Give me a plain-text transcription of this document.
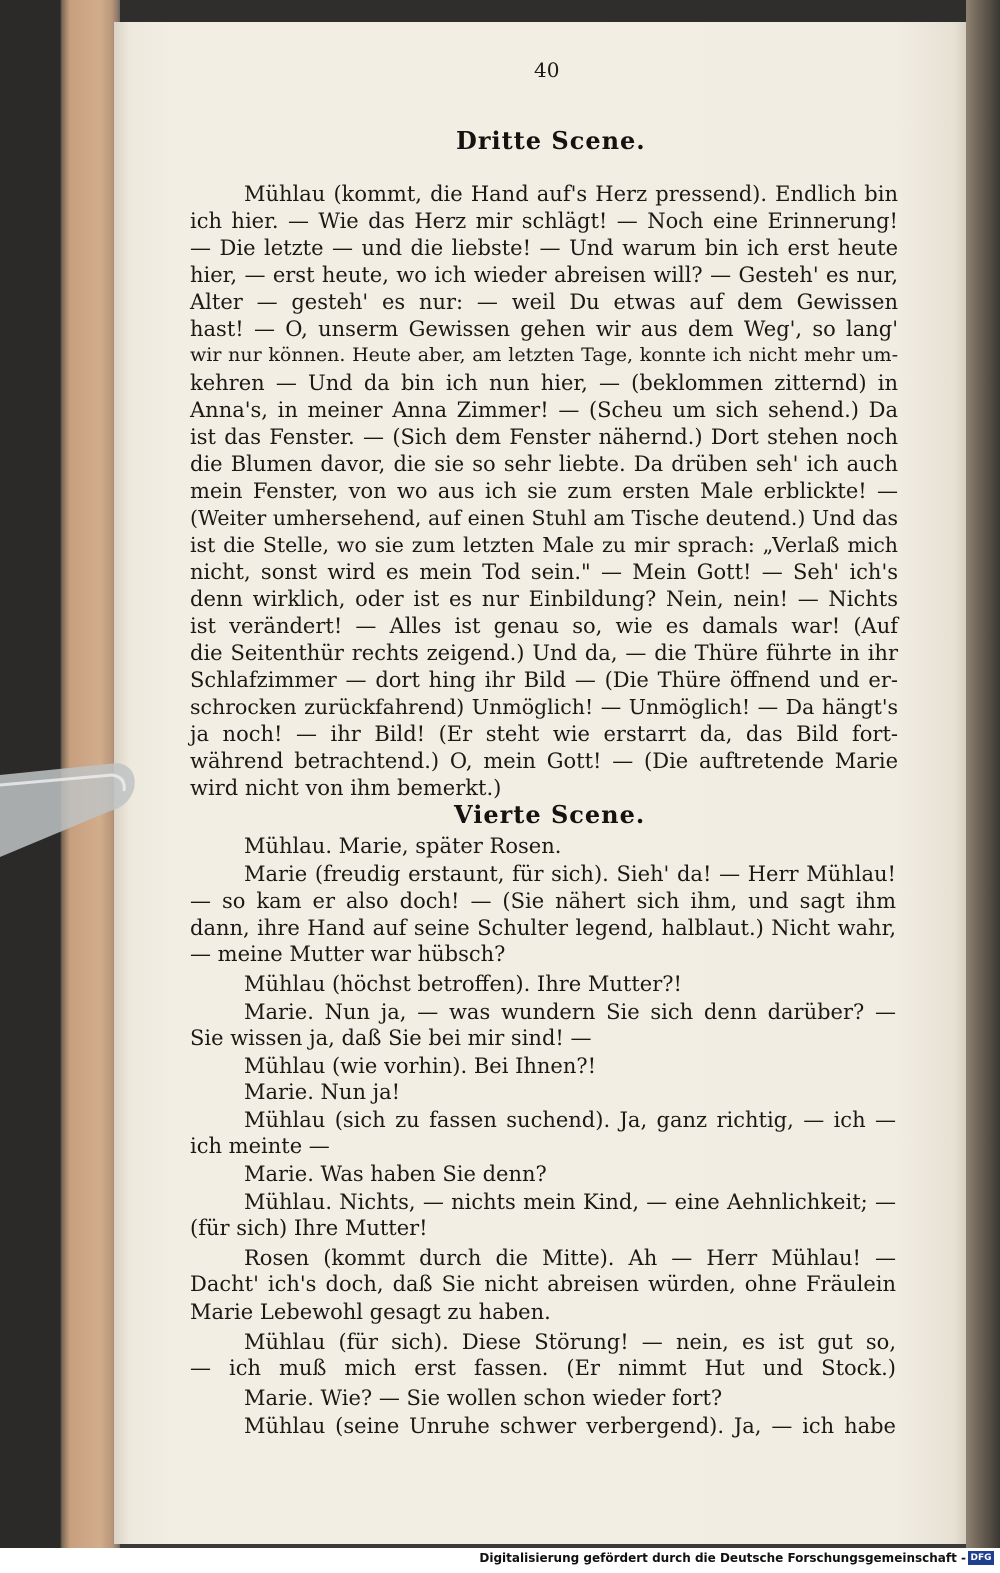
40
Dritte Scene.
Mühlau (kommt, die Hand auf's Herz pressend). Endlich bin
ich hier. — Wie das Herz mir schlägt! — Noch eine Erinnerung!
— Die letzte — und die liebste! — Und warum bin ich erst heute
hier, — erst heute, wo ich wieder abreisen will? — Gesteh' es nur,
Alter — gesteh' es nur: — weil Du etwas auf dem Gewissen
hast! — O, unserm Gewissen gehen wir aus dem Weg', so lang'
wir nur können. Heute aber, am letzten Tage, konnte ich nicht mehr um-
kehren — Und da bin ich nun hier, — (beklommen zitternd) in
Anna's, in meiner Anna Zimmer! — (Scheu um sich sehend.) Da
ist das Fenster. — (Sich dem Fenster nähernd.) Dort stehen noch
die Blumen davor, die sie so sehr liebte. Da drüben seh' ich auch
mein Fenster, von wo aus ich sie zum ersten Male erblickte! —
(Weiter umhersehend, auf einen Stuhl am Tische deutend.) Und das
ist die Stelle, wo sie zum letzten Male zu mir sprach: „Verlaß mich
nicht, sonst wird es mein Tod sein." — Mein Gott! — Seh' ich's
denn wirklich, oder ist es nur Einbildung? Nein, nein! — Nichts
ist verändert! — Alles ist genau so, wie es damals war! (Auf
die Seitenthür rechts zeigend.) Und da, — die Thüre führte in ihr
Schlafzimmer — dort hing ihr Bild — (Die Thüre öffnend und er-
schrocken zurückfahrend) Unmöglich! — Unmöglich! — Da hängt's
ja noch! — ihr Bild! (Er steht wie erstarrt da, das Bild fort-
während betrachtend.) O, mein Gott! — (Die auftretende Marie
wird nicht von ihm bemerkt.)
Vierte Scene.
Mühlau. Marie, später Rosen.
Marie (freudig erstaunt, für sich). Sieh' da! — Herr Mühlau!
— so kam er also doch! — (Sie nähert sich ihm, und sagt ihm
dann, ihre Hand auf seine Schulter legend, halblaut.) Nicht wahr,
— meine Mutter war hübsch?
Mühlau (höchst betroffen). Ihre Mutter?!
Marie. Nun ja, — was wundern Sie sich denn darüber? —
Sie wissen ja, daß Sie bei mir sind! —
Mühlau (wie vorhin). Bei Ihnen?!
Marie. Nun ja!
Mühlau (sich zu fassen suchend). Ja, ganz richtig, — ich —
ich meinte —
Marie. Was haben Sie denn?
Mühlau. Nichts, — nichts mein Kind, — eine Aehnlichkeit; —
(für sich) Ihre Mutter!
Rosen (kommt durch die Mitte). Ah — Herr Mühlau! —
Dacht' ich's doch, daß Sie nicht abreisen würden, ohne Fräulein
Marie Lebewohl gesagt zu haben.
Mühlau (für sich). Diese Störung! — nein, es ist gut so,
— ich muß mich erst fassen. (Er nimmt Hut und Stock.)
Marie. Wie? — Sie wollen schon wieder fort?
Mühlau (seine Unruhe schwer verbergend). Ja, — ich habe
Digitalisierung gefördert durch die Deutsche Forschungsgemeinschaft - DFG
